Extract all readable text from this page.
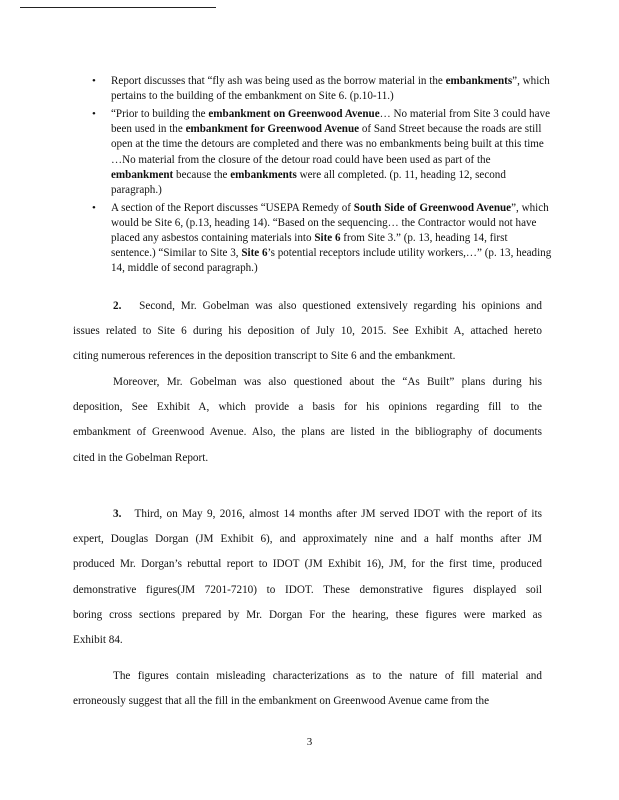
• Report discusses that “fly ash was being used as the borrow material in the embankments”, which pertains to the building of the embankment on Site 6. (p.10-11.)
• “Prior to building the embankment on Greenwood Avenue… No material from Site 3 could have been used in the embankment for Greenwood Avenue of Sand Street because the roads are still open at the time the detours are completed and there was no embankments being built at this time …No material from the closure of the detour road could have been used as part of the embankment because the embankments were all completed. (p. 11, heading 12, second paragraph.)
• A section of the Report discusses “USEPA Remedy of South Side of Greenwood Avenue”, which would be Site 6, (p.13, heading 14). “Based on the sequencing… the Contractor would not have placed any asbestos containing materials into Site 6 from Site 3.” (p. 13, heading 14, first sentence.) “Similar to Site 3, Site 6’s potential receptors include utility workers,…” (p. 13, heading 14, middle of second paragraph.)
2. Second, Mr. Gobelman was also questioned extensively regarding his opinions and
issues related to Site 6 during his deposition of July 10, 2015. See Exhibit A, attached hereto
citing numerous references in the deposition transcript to Site 6 and the embankment.
Moreover, Mr. Gobelman was also questioned about the “As Built” plans during his
deposition, See Exhibit A, which provide a basis for his opinions regarding fill to the
embankment of Greenwood Avenue. Also, the plans are listed in the bibliography of documents
cited in the Gobelman Report.
3. Third, on May 9, 2016, almost 14 months after JM served IDOT with the report of its
expert, Douglas Dorgan (JM Exhibit 6), and approximately nine and a half months after JM
produced Mr. Dorgan’s rebuttal report to IDOT (JM Exhibit 16), JM, for the first time, produced
demonstrative figures(JM 7201-7210) to IDOT. These demonstrative figures displayed soil
boring cross sections prepared by Mr. Dorgan For the hearing, these figures were marked as
Exhibit 84.
The figures contain misleading characterizations as to the nature of fill material and
erroneously suggest that all the fill in the embankment on Greenwood Avenue came from the
3
